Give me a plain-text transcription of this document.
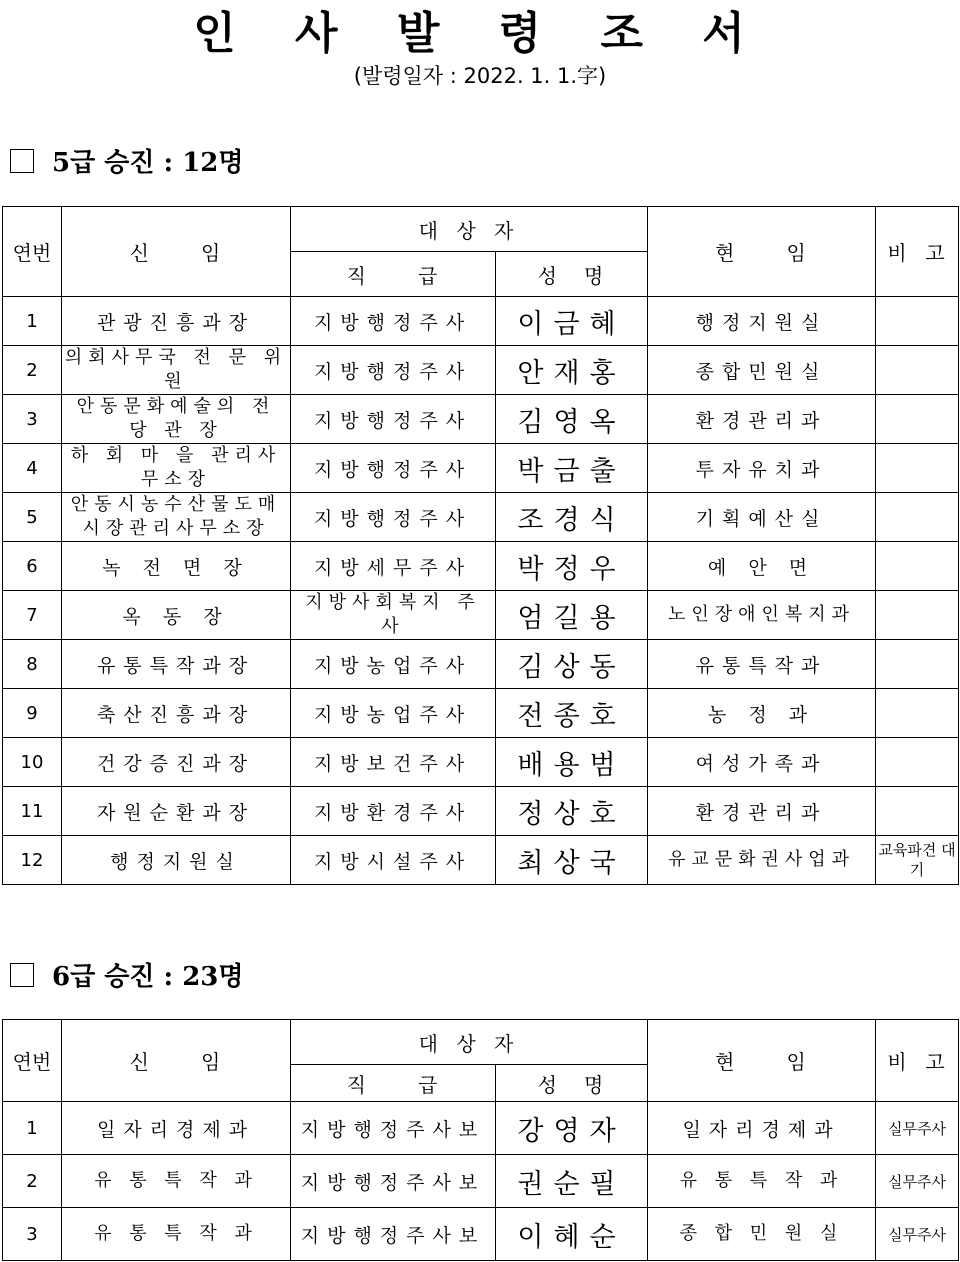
인 사 발 령 조 서
(발령일자 : 2022. 1. 1.字)
5급 승진 : 12명
연번	신      임	대 상 자		현      임	비  고
		직      급	성   명		
1	관광진흥과장	지방행정주사	이금혜	행정지원실	
2	의회사무국 전 문 위 원	지방행정주사	안재홍	종합민원실	
3	안동문화예술의 전 당 관 장	지방행정주사	김영옥	환경관리과	
4	하 회 마 을 관리사무소장	지방행정주사	박금출	투자유치과	
5	안동시농수산물도매 시장관리사무소장	지방행정주사	조경식	기획예산실	
6	녹 전 면 장	지방세무주사	박정우	예 안 면	
7	옥 동 장	지방사회복지 주 사	엄길용	노인장애인복지과	
8	유통특작과장	지방농업주사	김상동	유통특작과	
9	축산진흥과장	지방농업주사	전종호	농 정 과	
10	건강증진과장	지방보건주사	배용범	여성가족과	
11	자원순환과장	지방환경주사	정상호	환경관리과	
12	행정지원실	지방시설주사	최상국	유교문화권사업과	교육파견 대 기
6급 승진 : 23명
연번	신      임	대 상 자		현      임	비  고
		직      급	성   명		
1	일자리경제과	지방행정주사보	강영자	일자리경제과	실무주사
2	유 통 특 작 과	지방행정주사보	권순필	유 통 특 작 과	실무주사
3	유 통 특 작 과	지방행정주사보	이혜순	종 합 민 원 실	실무주사
